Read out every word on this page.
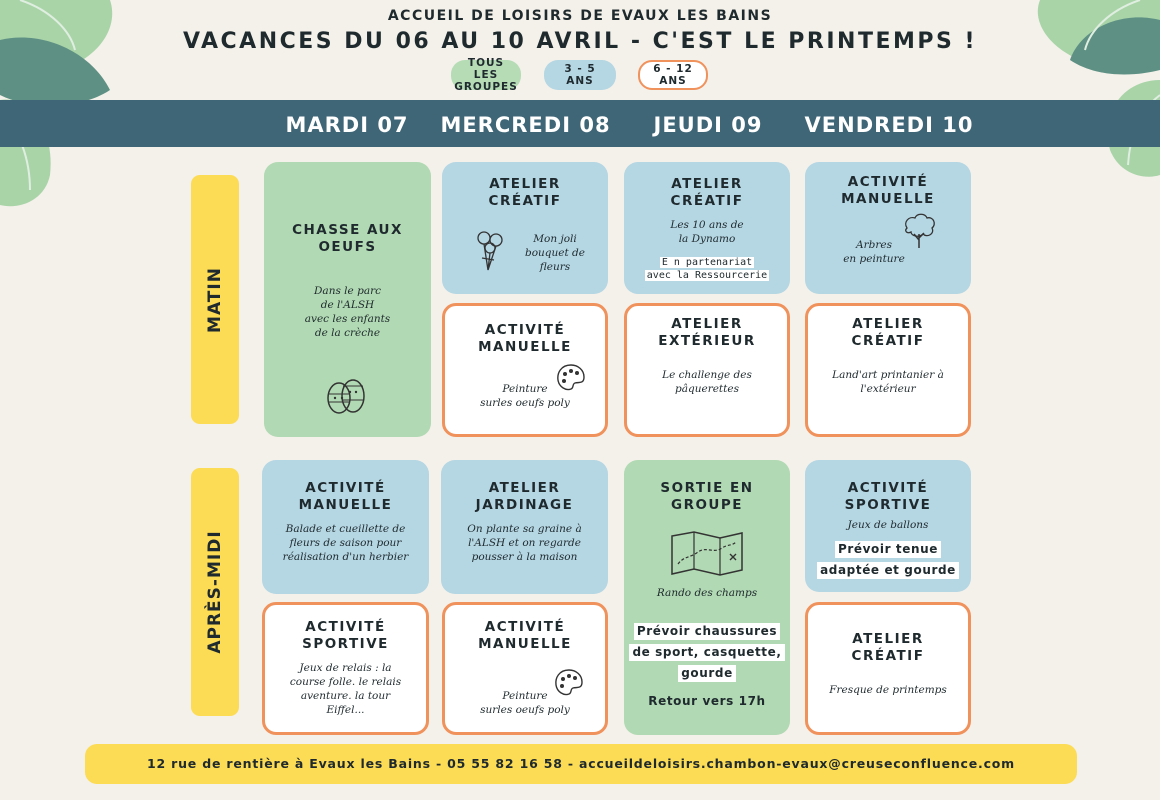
ACCUEIL DE LOISIRS DE EVAUX LES BAINS
VACANCES DU 06 AU 10 AVRIL - C'EST LE PRINTEMPS !
TOUS LES
GROUPES
3 - 5
ANS
6 - 12
ANS
MARDI 07	MERCREDI 08	JEUDI 09	VENDREDI 10
MATIN
APRÈS-MIDI
CHASSE AUX
OEUFS
Dans le parc
de l'ALSH
avec les enfants
de la crèche
ATELIER
CRÉATIF
Mon joli
bouquet de
fleurs
ACTIVITÉ
MANUELLE
Peinture
surles oeufs poly
ATELIER
CRÉATIF
Les 10 ans de
la Dynamo
E n partenariat
avec la Ressourcerie
ATELIER
EXTÉRIEUR
Le challenge des
pâquerettes
ACTIVITÉ
MANUELLE
Arbres
en peinture
ATELIER
CRÉATIF
Land'art printanier à
l'extérieur
ACTIVITÉ
MANUELLE
Balade et cueillette de
fleurs de saison pour
réalisation d'un herbier
ACTIVITÉ
SPORTIVE
Jeux de relais : la
course folle. le relais
aventure. la tour
Eiffel...
ATELIER
JARDINAGE
On plante sa graine à
l'ALSH et on regarde
pousser à la maison
ACTIVITÉ
MANUELLE
Peinture
surles oeufs poly
SORTIE EN
GROUPE
Rando des champs
Prévoir chaussures
de sport, casquette,
gourde
Retour vers 17h
ACTIVITÉ
SPORTIVE
Jeux de ballons
Prévoir tenue
adaptée et gourde
ATELIER
CRÉATIF
Fresque de printemps
12 rue de rentière à Evaux les Bains - 05 55 82 16 58 - accueildeloisirs.chambon-evaux@creuseconfluence.com
